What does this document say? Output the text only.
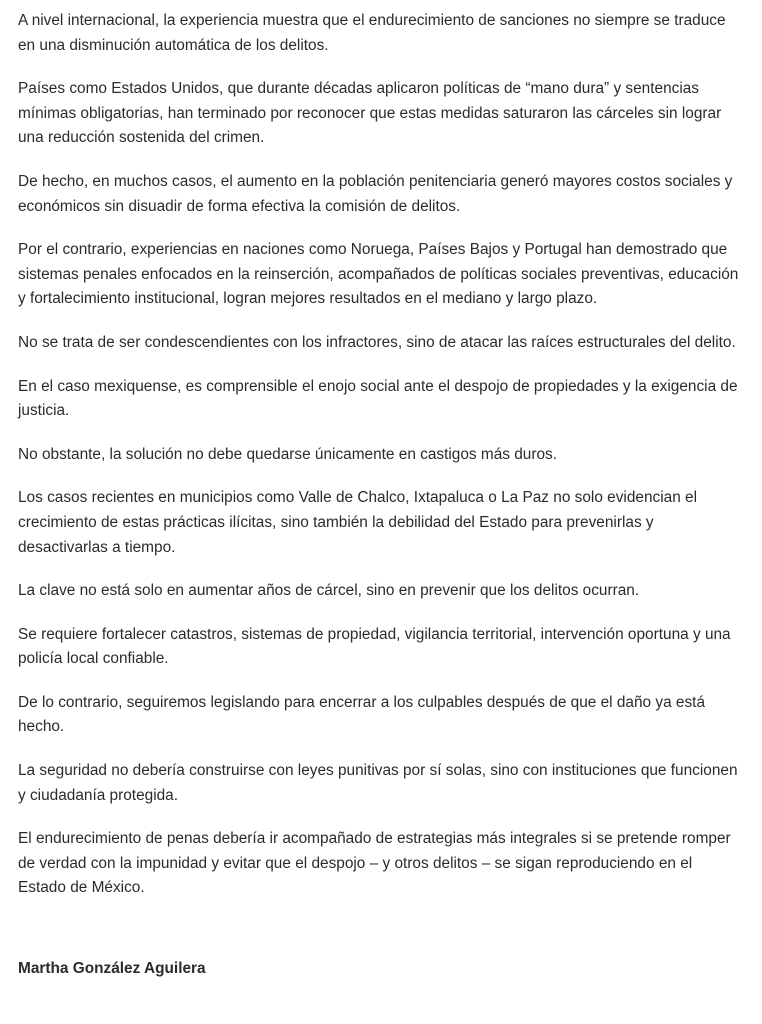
A nivel internacional, la experiencia muestra que el endurecimiento de sanciones no siempre se traduce en una disminución automática de los delitos.

Países como Estados Unidos, que durante décadas aplicaron políticas de “mano dura” y sentencias mínimas obligatorias, han terminado por reconocer que estas medidas saturaron las cárceles sin lograr una reducción sostenida del crimen.

De hecho, en muchos casos, el aumento en la población penitenciaria generó mayores costos sociales y económicos sin disuadir de forma efectiva la comisión de delitos.

Por el contrario, experiencias en naciones como Noruega, Países Bajos y Portugal han demostrado que sistemas penales enfocados en la reinserción, acompañados de políticas sociales preventivas, educación y fortalecimiento institucional, logran mejores resultados en el mediano y largo plazo.

No se trata de ser condescendientes con los infractores, sino de atacar las raíces estructurales del delito.

En el caso mexiquense, es comprensible el enojo social ante el despojo de propiedades y la exigencia de justicia.

No obstante, la solución no debe quedarse únicamente en castigos más duros.

Los casos recientes en municipios como Valle de Chalco, Ixtapaluca o La Paz no solo evidencian el crecimiento de estas prácticas ilícitas, sino también la debilidad del Estado para prevenirlas y desactivarlas a tiempo.

La clave no está solo en aumentar años de cárcel, sino en prevenir que los delitos ocurran.

Se requiere fortalecer catastros, sistemas de propiedad, vigilancia territorial, intervención oportuna y una policía local confiable.

De lo contrario, seguiremos legislando para encerrar a los culpables después de que el daño ya está hecho.

La seguridad no debería construirse con leyes punitivas por sí solas, sino con instituciones que funcionen y ciudadanía protegida.

El endurecimiento de penas debería ir acompañado de estrategias más integrales si se pretende romper de verdad con la impunidad y evitar que el despojo – y otros delitos – se sigan reproduciendo en el Estado de México.

Martha González Aguilera
